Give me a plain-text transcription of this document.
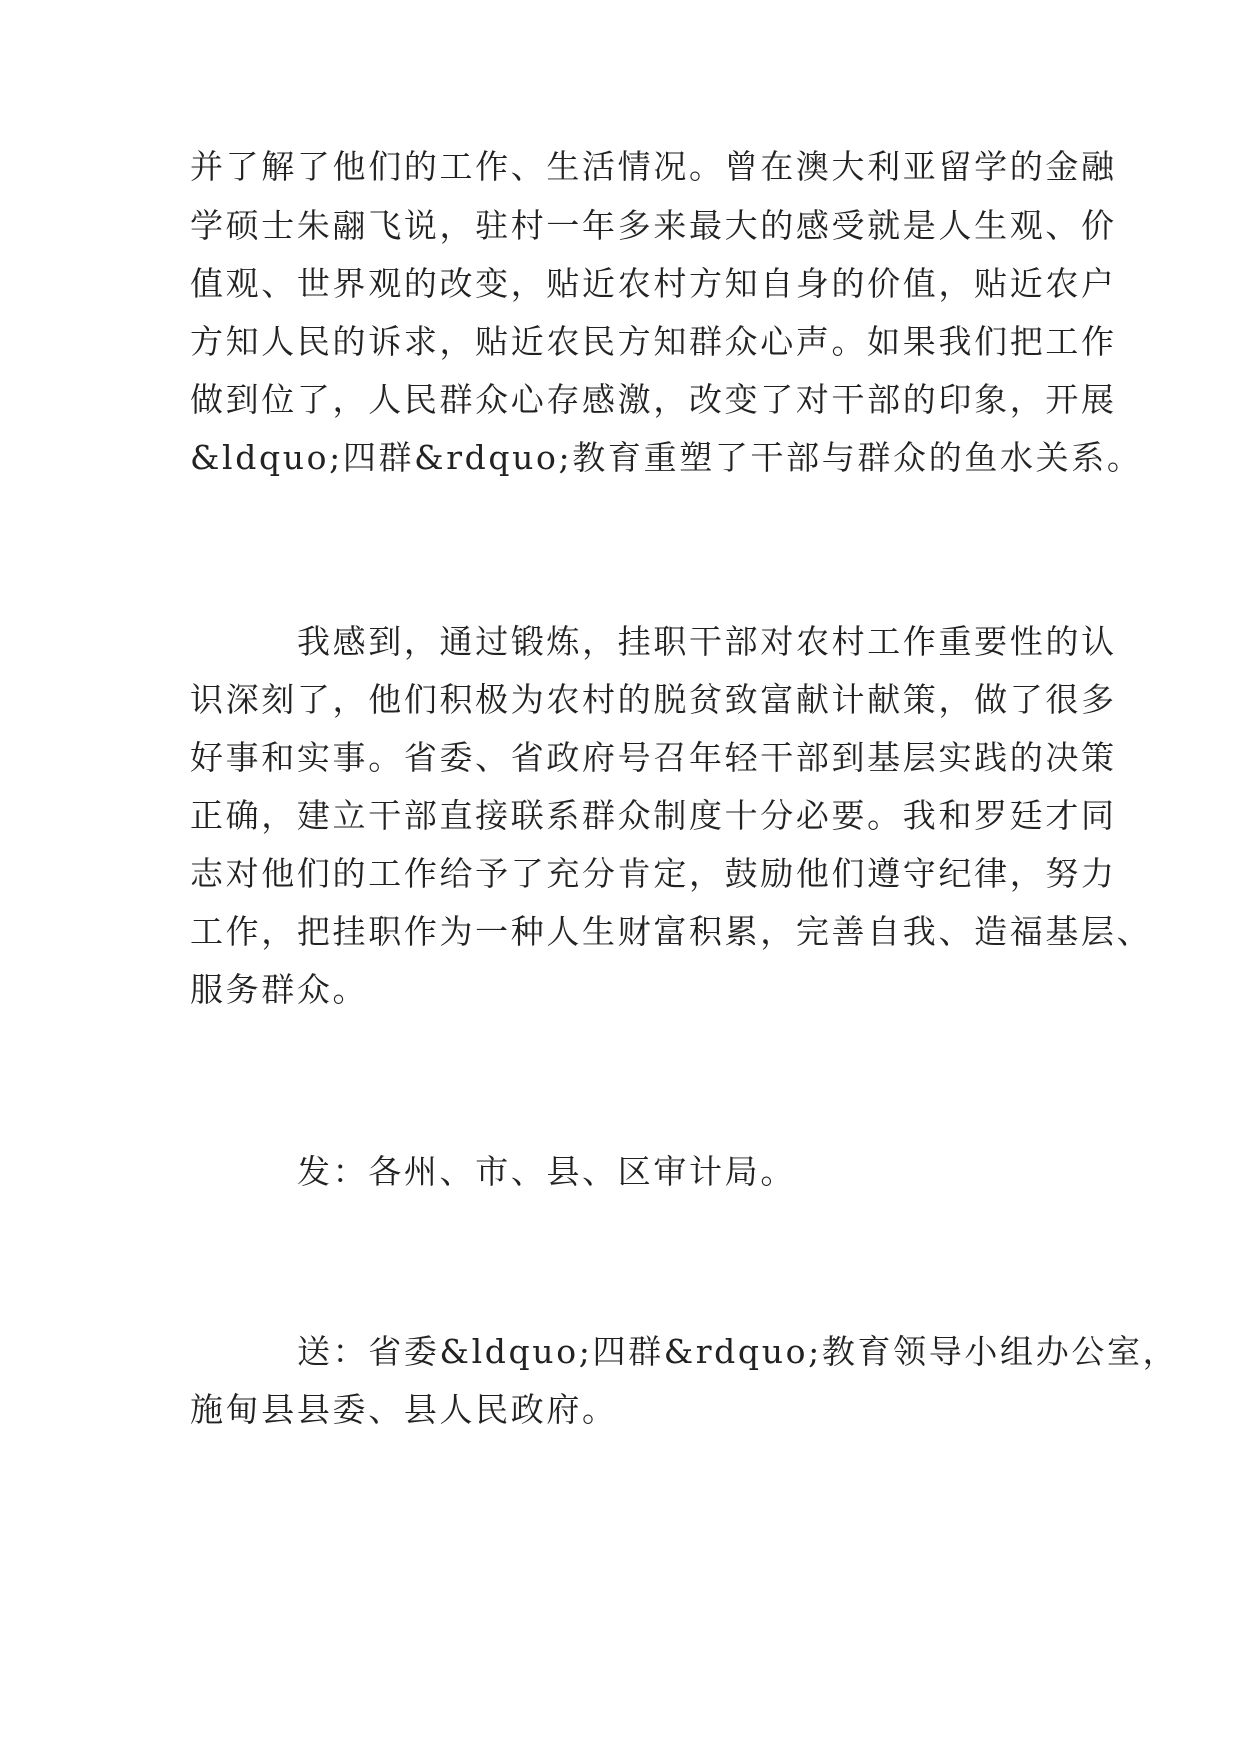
并了解了他们的工作、生活情况。曾在澳大利亚留学的金融
学硕士朱翮飞说，驻村一年多来最大的感受就是人生观、价
值观、世界观的改变，贴近农村方知自身的价值，贴近农户
方知人民的诉求，贴近农民方知群众心声。如果我们把工作
做到位了，人民群众心存感激，改变了对干部的印象，开展
&ldquo;四群&rdquo;教育重塑了干部与群众的鱼水关系。
我感到，通过锻炼，挂职干部对农村工作重要性的认
识深刻了，他们积极为农村的脱贫致富献计献策，做了很多
好事和实事。省委、省政府号召年轻干部到基层实践的决策
正确，建立干部直接联系群众制度十分必要。我和罗廷才同
志对他们的工作给予了充分肯定，鼓励他们遵守纪律，努力
工作，把挂职作为一种人生财富积累，完善自我、造福基层、
服务群众。
发：各州、市、县、区审计局。
送：省委&ldquo;四群&rdquo;教育领导小组办公室，
施甸县县委、县人民政府。
